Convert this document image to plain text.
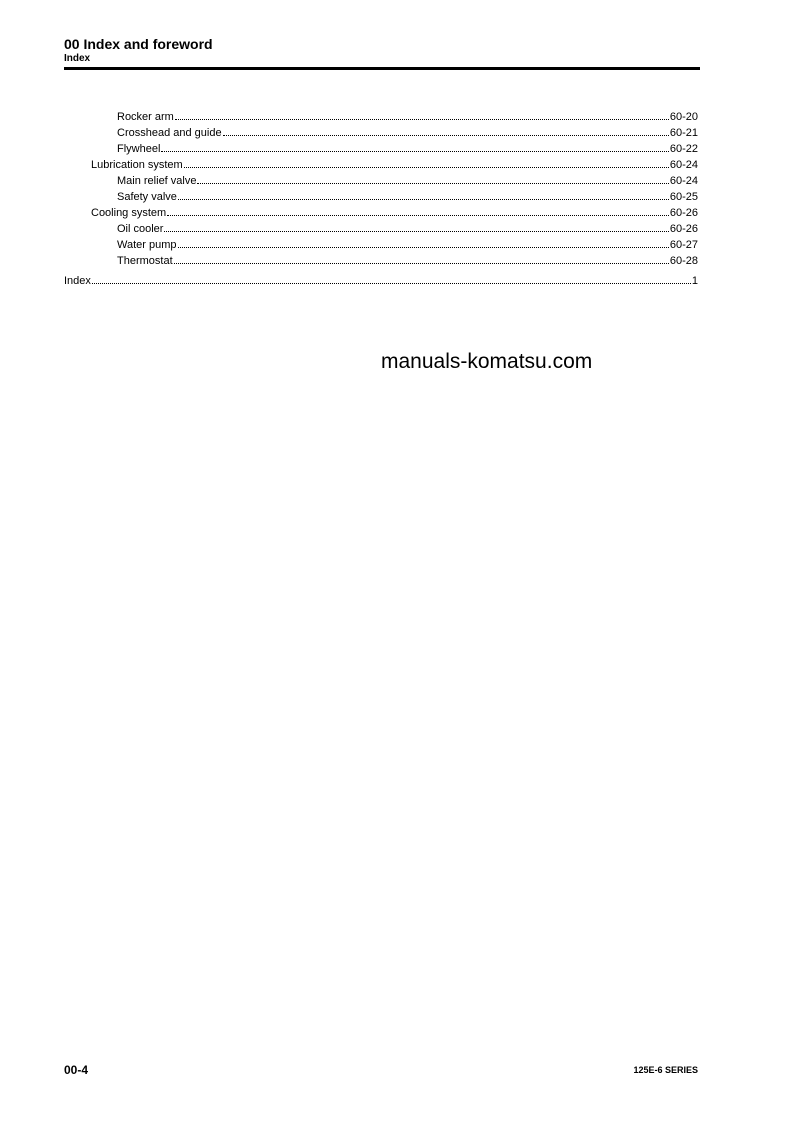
00 Index and foreword
Index
Rocker arm	60-20
Crosshead and guide	60-21
Flywheel	60-22
Lubrication system	60-24
Main relief valve	60-24
Safety valve	60-25
Cooling system	60-26
Oil cooler	60-26
Water pump	60-27
Thermostat	60-28
Index	1
manuals-komatsu.com
00-4	125E-6 SERIES
